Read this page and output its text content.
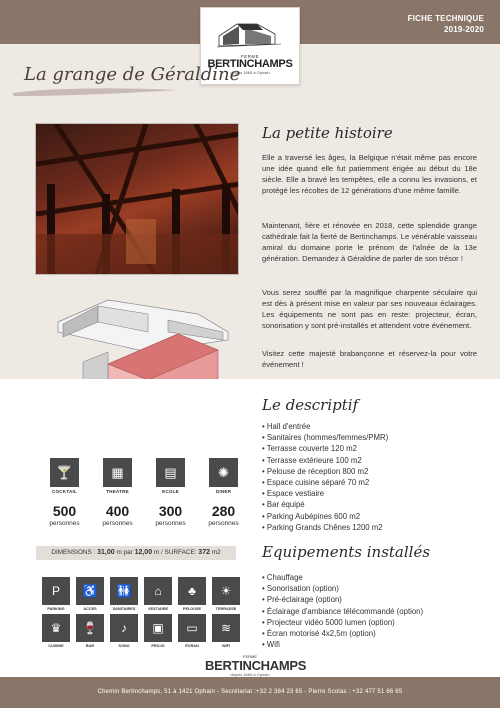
FICHE TECHNIQUE
2019-2020
FERME
BERTINCHAMPS
depuis 1660 à Ophain
La grange de Géraldine
La petite histoire
Elle a traversé les âges, la Belgique n'était même pas encore une idée quand elle fut patiemment érigée au début du 18e siècle. Elle a bravé les tempêtes, elle a connu les invasions, et protégé les récoltes de 12 générations d'une même famille.
Maintenant, fière et rénovée en 2018, cette splendide grange cathédrale fait la fierté de Bertinchamps. Le vénérable vaisseau amiral du domaine porte le prénom de l'aînée de la 13e génération. Demandez à Géraldine de parler de son trésor !
Vous serez soufflé par la magnifique charpente séculaire qui est dès à présent mise en valeur par ses nouveaux éclairages. Les équipements ne sont pas en reste: projecteur, écran, sonorisation y sont pré-installés et attendent votre événement.
Visitez cette majesté brabançonne et réservez-la pour votre événement !
Le descriptif
• Hall d'entrée
• Sanitaires (hommes/femmes/PMR)
• Terrasse couverte 120 m2
• Terrasse extérieure 100 m2
• Pelouse de réception 800 m2
• Espace cuisine séparé 70 m2
• Espace vestiaire
• Bar équipé
• Parking Aubépines 600 m2
• Parking Grands Chênes 1200 m2
🍸
COCKTAIL
500
personnes
▦
THEATRE
400
personnes
▤
ECOLE
300
personnes
✺
DINER
280
personnes
DIMENSIONS : 31,00 m par 12,00 m / SURFACE: 372 m2
P
PARKING
♿
ACCES
🚻
SANITAIRES
⌂
VESTIAIRE
♣
PELOUSE
☀
TERRASSE
♛
CUISINE
🍷
BAR
♪
SONO
▣
PROJO
▭
ÉCRAN
≋
WIFI
Equipements installés
• Chauffage
• Sonorisation (option)
• Pré-éclairage (option)
• Éclairage d'ambiance télécommandé (option)
• Projecteur vidéo 5000 lumen (option)
• Écran motorisé 4x2,5m (option)
• Wifi
FERME
BERTINCHAMPS
depuis 1660 à Ophain
Chemin Bertinchamps, 51 à 1421 Ophain - Secrétariat :+32 2 384 23 65 - Pierre Scolas : +32 477 51 66 65
